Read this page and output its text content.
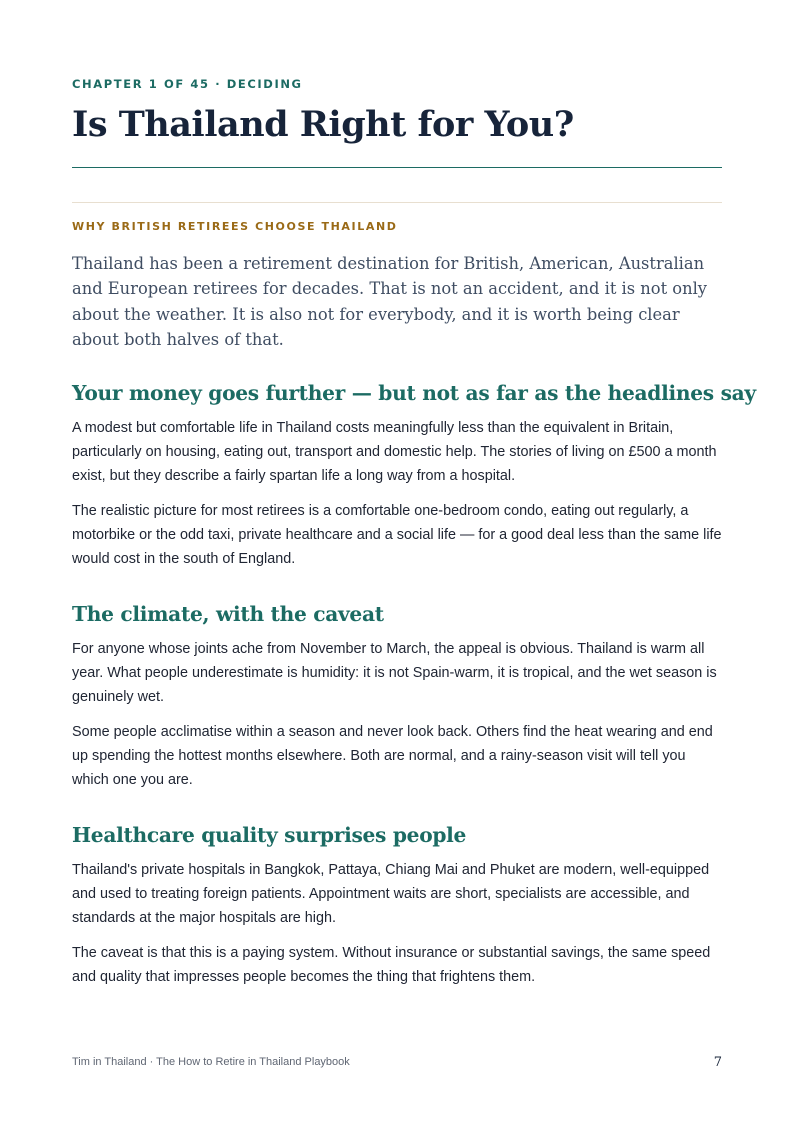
CHAPTER 1 OF 45 · DECIDING
Is Thailand Right for You?
WHY BRITISH RETIREES CHOOSE THAILAND

Thailand has been a retirement destination for British, American, Australian and European retirees for decades. That is not an accident, and it is not only about the weather. It is also not for everybody, and it is worth being clear about both halves of that.

Your money goes further — but not as far as the headlines say

A modest but comfortable life in Thailand costs meaningfully less than the equivalent in Britain, particularly on housing, eating out, transport and domestic help. The stories of living on £500 a month exist, but they describe a fairly spartan life a long way from a hospital.

The realistic picture for most retirees is a comfortable one-bedroom condo, eating out regularly, a motorbike or the odd taxi, private healthcare and a social life — for a good deal less than the same life would cost in the south of England.

The climate, with the caveat

For anyone whose joints ache from November to March, the appeal is obvious. Thailand is warm all year. What people underestimate is humidity: it is not Spain-warm, it is tropical, and the wet season is genuinely wet.

Some people acclimatise within a season and never look back. Others find the heat wearing and end up spending the hottest months elsewhere. Both are normal, and a rainy-season visit will tell you which one you are.

Healthcare quality surprises people

Thailand's private hospitals in Bangkok, Pattaya, Chiang Mai and Phuket are modern, well-equipped and used to treating foreign patients. Appointment waits are short, specialists are accessible, and standards at the major hospitals are high.

The caveat is that this is a paying system. Without insurance or substantial savings, the same speed and quality that impresses people becomes the thing that frightens them.

Tim in Thailand · The How to Retire in Thailand Playbook	7
